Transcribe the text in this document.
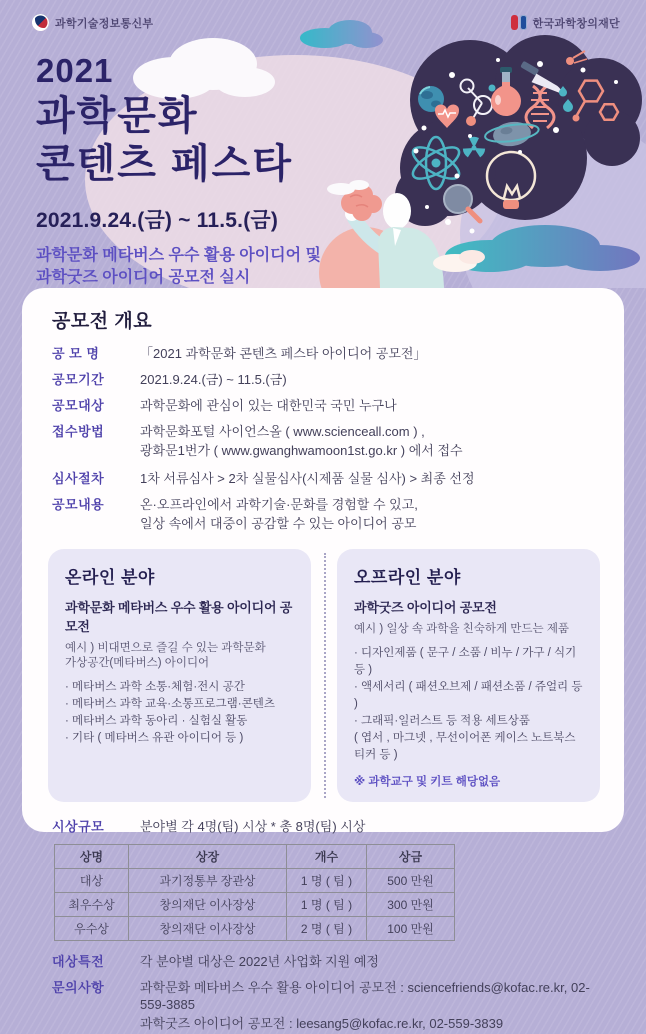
과학기술정보통신부	한국과학창의재단
2021
과학문화
콘텐츠 페스타
2021.9.24.(금) ~ 11.5.(금)
과학문화 메타버스 우수 활용 아이디어 및
과학굿즈 아이디어 공모전 실시
공모전 개요
공 모 명	「2021 과학문화 콘텐츠 페스타 아이디어 공모전」
공모기간	2021.9.24.(금) ~ 11.5.(금)
공모대상	과학문화에 관심이 있는 대한민국 국민 누구나
접수방법	과학문화포털 사이언스올 ( www.scienceall.com ) ,
광화문1번가 ( www.gwanghwamoon1st.go.kr ) 에서 접수
심사절차	1차 서류심사 > 2차 실물심사(시제품 실물 심사) > 최종 선정
공모내용	온·오프라인에서 과학기술·문화를 경험할 수 있고,
일상 속에서 대중이 공감할 수 있는 아이디어 공모
온라인 분야
과학문화 메타버스 우수 활용 아이디어 공모전
예시 ) 비대면으로 즐길 수 있는 과학문화
가상공간(메타버스) 아이디어
· 메타버스 과학 소통·체험·전시 공간
· 메타버스 과학 교육·소통프로그램·콘텐츠
· 메타버스 과학 동아리 · 실험실 활동
· 기타 ( 메타버스 유관 아이디어 등 )
오프라인 분야
과학굿즈 아이디어 공모전
예시 ) 일상 속 과학을 친숙하게 만드는 제품
· 디자인제품 ( 문구 / 소품 / 비누 / 가구 / 식기 등 )
· 액세서리 ( 패션오브제 / 패션소품 / 쥬얼리 등 )
· 그래픽·일러스트 등 적용 세트상품
( 엽서 , 마그넷 , 무선이어폰 케이스 노트북스티커 등 )
※ 과학교구 및 키트 해당없음
시상규모	분야별 각 4명(팀) 시상 * 총 8명(팀) 시상
상명	상장	개수	상금
대상	과기정통부 장관상	1 명 ( 팀 )	500 만원
최우수상	창의재단 이사장상	1 명 ( 팀 )	300 만원
우수상	창의재단 이사장상	2 명 ( 팀 )	100 만원
대상특전	각 분야별 대상은 2022년 사업화 지원 예정
문의사항	과학문화 메타버스 우수 활용 아이디어 공모전 : sciencefriends@kofac.re.kr, 02-559-3885
과학굿즈 아이디어 공모전 : leesang5@kofac.re.kr, 02-559-3839
